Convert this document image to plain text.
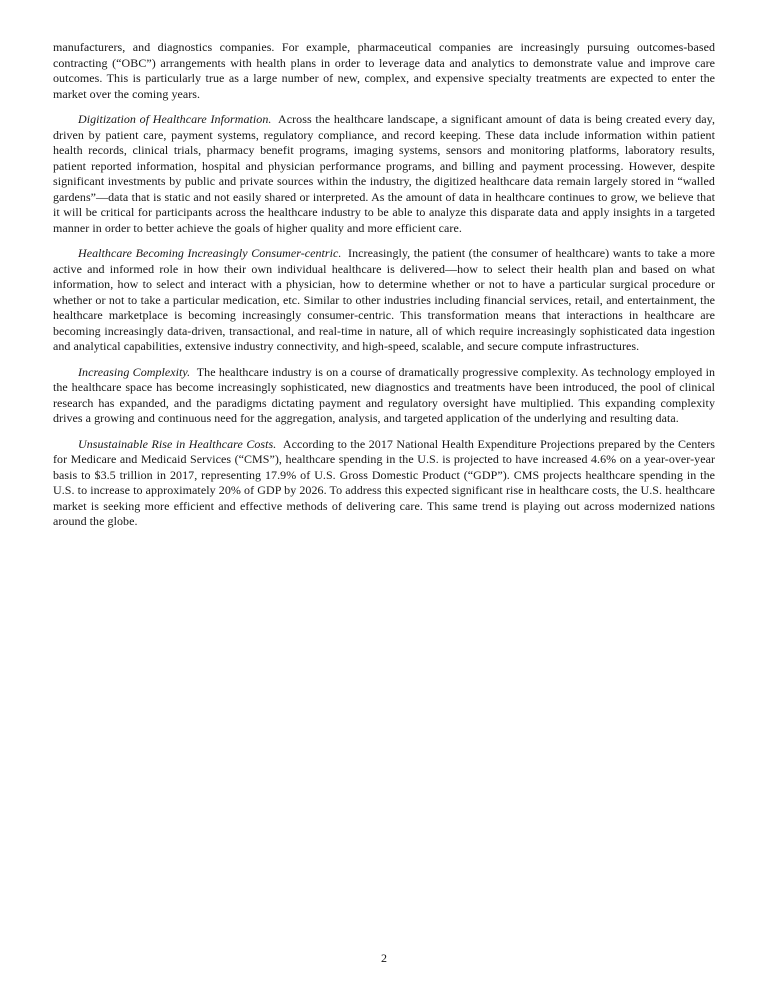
manufacturers, and diagnostics companies. For example, pharmaceutical companies are increasingly pursuing outcomes-based contracting (“OBC”) arrangements with health plans in order to leverage data and analytics to demonstrate value and improve care outcomes. This is particularly true as a large number of new, complex, and expensive specialty treatments are expected to enter the market over the coming years.

Digitization of Healthcare Information. Across the healthcare landscape, a significant amount of data is being created every day, driven by patient care, payment systems, regulatory compliance, and record keeping. These data include information within patient health records, clinical trials, pharmacy benefit programs, imaging systems, sensors and monitoring platforms, laboratory results, patient reported information, hospital and physician performance programs, and billing and payment processing. However, despite significant investments by public and private sources within the industry, the digitized healthcare data remain largely stored in “walled gardens”—data that is static and not easily shared or interpreted. As the amount of data in healthcare continues to grow, we believe that it will be critical for participants across the healthcare industry to be able to analyze this disparate data and apply insights in a targeted manner in order to better achieve the goals of higher quality and more efficient care.

Healthcare Becoming Increasingly Consumer-centric. Increasingly, the patient (the consumer of healthcare) wants to take a more active and informed role in how their own individual healthcare is delivered—how to select their health plan and based on what information, how to select and interact with a physician, how to determine whether or not to have a particular surgical procedure or whether or not to take a particular medication, etc. Similar to other industries including financial services, retail, and entertainment, the healthcare marketplace is becoming increasingly consumer-centric. This transformation means that interactions in healthcare are becoming increasingly data-driven, transactional, and real-time in nature, all of which require increasingly sophisticated data ingestion and analytical capabilities, extensive industry connectivity, and high-speed, scalable, and secure compute infrastructures.

Increasing Complexity. The healthcare industry is on a course of dramatically progressive complexity. As technology employed in the healthcare space has become increasingly sophisticated, new diagnostics and treatments have been introduced, the pool of clinical research has expanded, and the paradigms dictating payment and regulatory oversight have multiplied. This expanding complexity drives a growing and continuous need for the aggregation, analysis, and targeted application of the underlying and resulting data.

Unsustainable Rise in Healthcare Costs. According to the 2017 National Health Expenditure Projections prepared by the Centers for Medicare and Medicaid Services (“CMS”), healthcare spending in the U.S. is projected to have increased 4.6% on a year-over-year basis to $3.5 trillion in 2017, representing 17.9% of U.S. Gross Domestic Product (“GDP”). CMS projects healthcare spending in the U.S. to increase to approximately 20% of GDP by 2026. To address this expected significant rise in healthcare costs, the U.S. healthcare market is seeking more efficient and effective methods of delivering care. This same trend is playing out across modernized nations around the globe.

2
